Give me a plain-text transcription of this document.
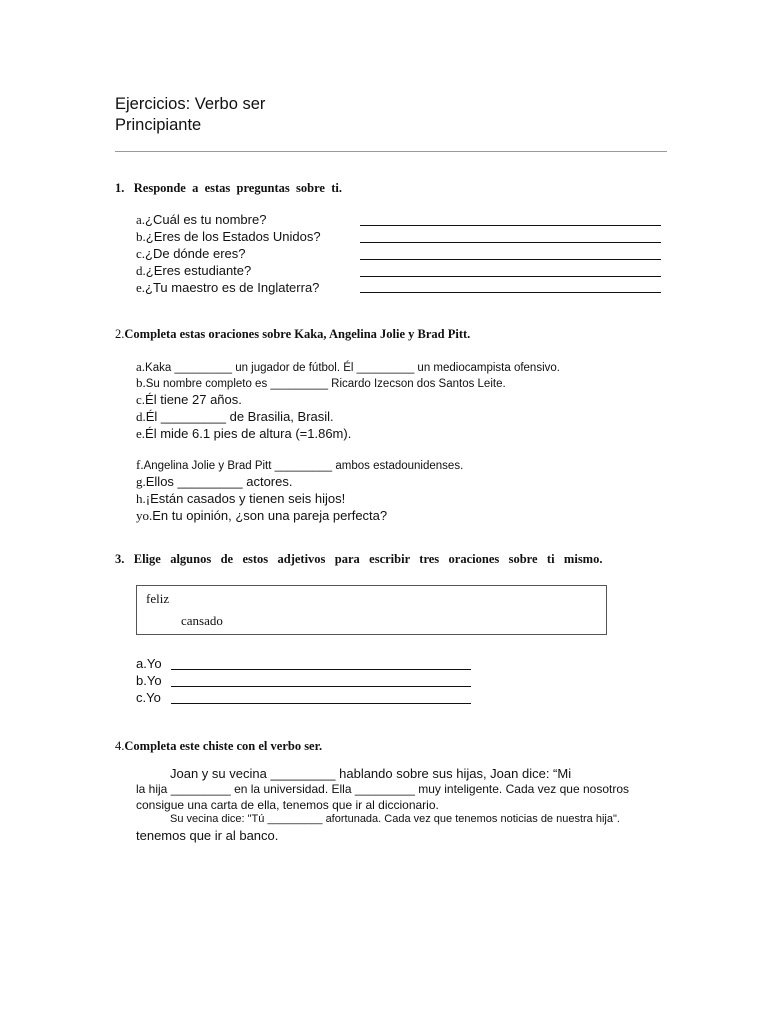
Ejercicios: Verbo ser
Principiante
1.   Responde  a  estas  preguntas  sobre  ti.
a.¿Cuál es tu nombre?
b.¿Eres de los Estados Unidos?
c.¿De dónde eres?
d.¿Eres estudiante?
e.¿Tu maestro es de Inglaterra?
2.Completa estas oraciones sobre Kaka, Angelina Jolie y Brad Pitt.
a.Kaka _________ un jugador de fútbol. Él _________ un mediocampista ofensivo.
b.Su nombre completo es _________ Ricardo Izecson dos Santos Leite.
c.Él tiene 27 años.
d.Él _________ de Brasilia, Brasil.
e.Él mide 6.1 pies de altura (=1.86m).
f.Angelina Jolie y Brad Pitt _________ ambos estadounidenses.
g.Ellos _________ actores.
h.¡Están casados y tienen seis hijos!
yo.En tu opinión, ¿son una pareja perfecta?
3.   Elige   algunos   de   estos   adjetivos   para   escribir   tres   oraciones   sobre   ti   mismo.
feliz
cansado
a.Yo
b.Yo
c.Yo
4.Completa este chiste con el verbo ser.
Joan y su vecina _________ hablando sobre sus hijas, Joan dice: “Mi
la hija _________ en la universidad. Ella _________ muy inteligente. Cada vez que nosotros
consigue una carta de ella, tenemos que ir al diccionario.
Su vecina dice: "Tú _________ afortunada. Cada vez que tenemos noticias de nuestra hija".
tenemos que ir al banco.
